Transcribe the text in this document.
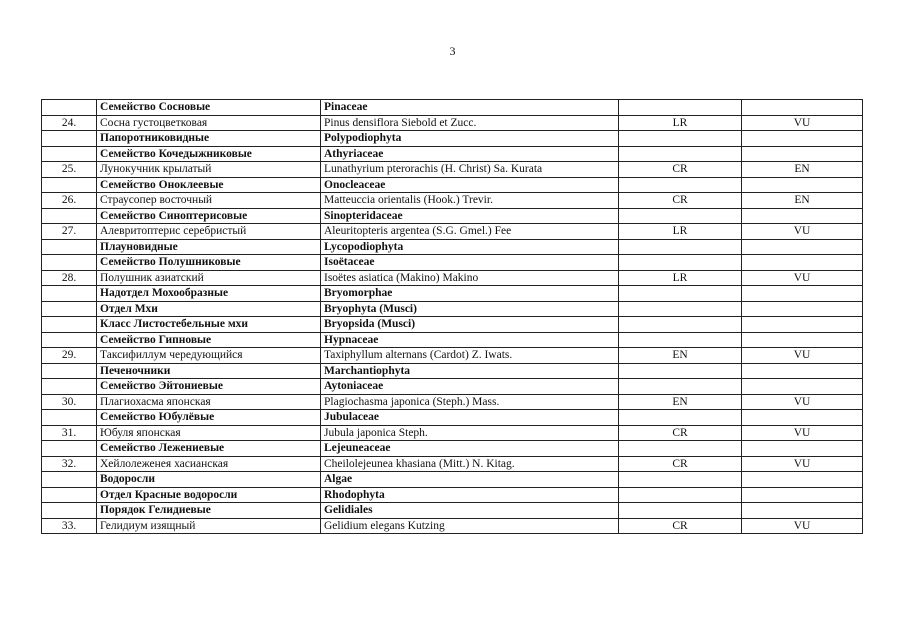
3
	Семейство Сосновые	Pinaceae		
24.	Сосна густоцветковая	Pinus densiflora Siebold et Zucc.	LR	VU
	Папоротниковидные	Polypodiophyta		
	Семейство Кочедыжниковые	Athyriaceae		
25.	Лунокучник крылатый	Lunathyrium pterorachis (H. Christ) Sa. Kurata	CR	EN
	Семейство Оноклеевые	Onocleaceae		
26.	Страусопер восточный	Matteuccia orientalis (Hook.) Trevir.	CR	EN
	Семейство Синоптерисовые	Sinopteridaceae		
27.	Алевритоптерис серебристый	Aleuritopteris argentea (S.G. Gmel.) Fee	LR	VU
	Плауновидные	Lycopodiophyta		
	Семейство Полушниковые	Isoëtaceae		
28.	Полушник азиатский	Isoëtes asiatica (Makino) Makino	LR	VU
	Надотдел Мохообразные	Bryomorphae		
	Отдел Мхи	Bryophyta (Musci)		
	Класс Листостебельные мхи	Bryopsida (Musci)		
	Семейство Гипновые	Hypnaceae		
29.	Таксифиллум чередующийся	Taxiphyllum alternans (Cardot) Z. Iwats.	EN	VU
	Печеночники	Marchantiophyta		
	Семейство Эйтониевые	Aytoniaceae		
30.	Плагиохасма японская	Plagiochasma japonica (Steph.) Mass.	EN	VU
	Семейство Юбулёвые	Jubulaceae		
31.	Юбуля японская	Jubula japonica Steph.	CR	VU
	Семейство Лежениевые	Lejeuneaceae		
32.	Хейлолеженея хасианская	Cheilolejeunea khasiana (Mitt.) N. Kitag.	CR	VU
	Водоросли	Algae		
	Отдел Красные водоросли	Rhodophyta		
	Порядок Гелидиевые	Gelidiales		
33.	Гелидиум изящный	Gelidium elegans Kutzing	CR	VU
